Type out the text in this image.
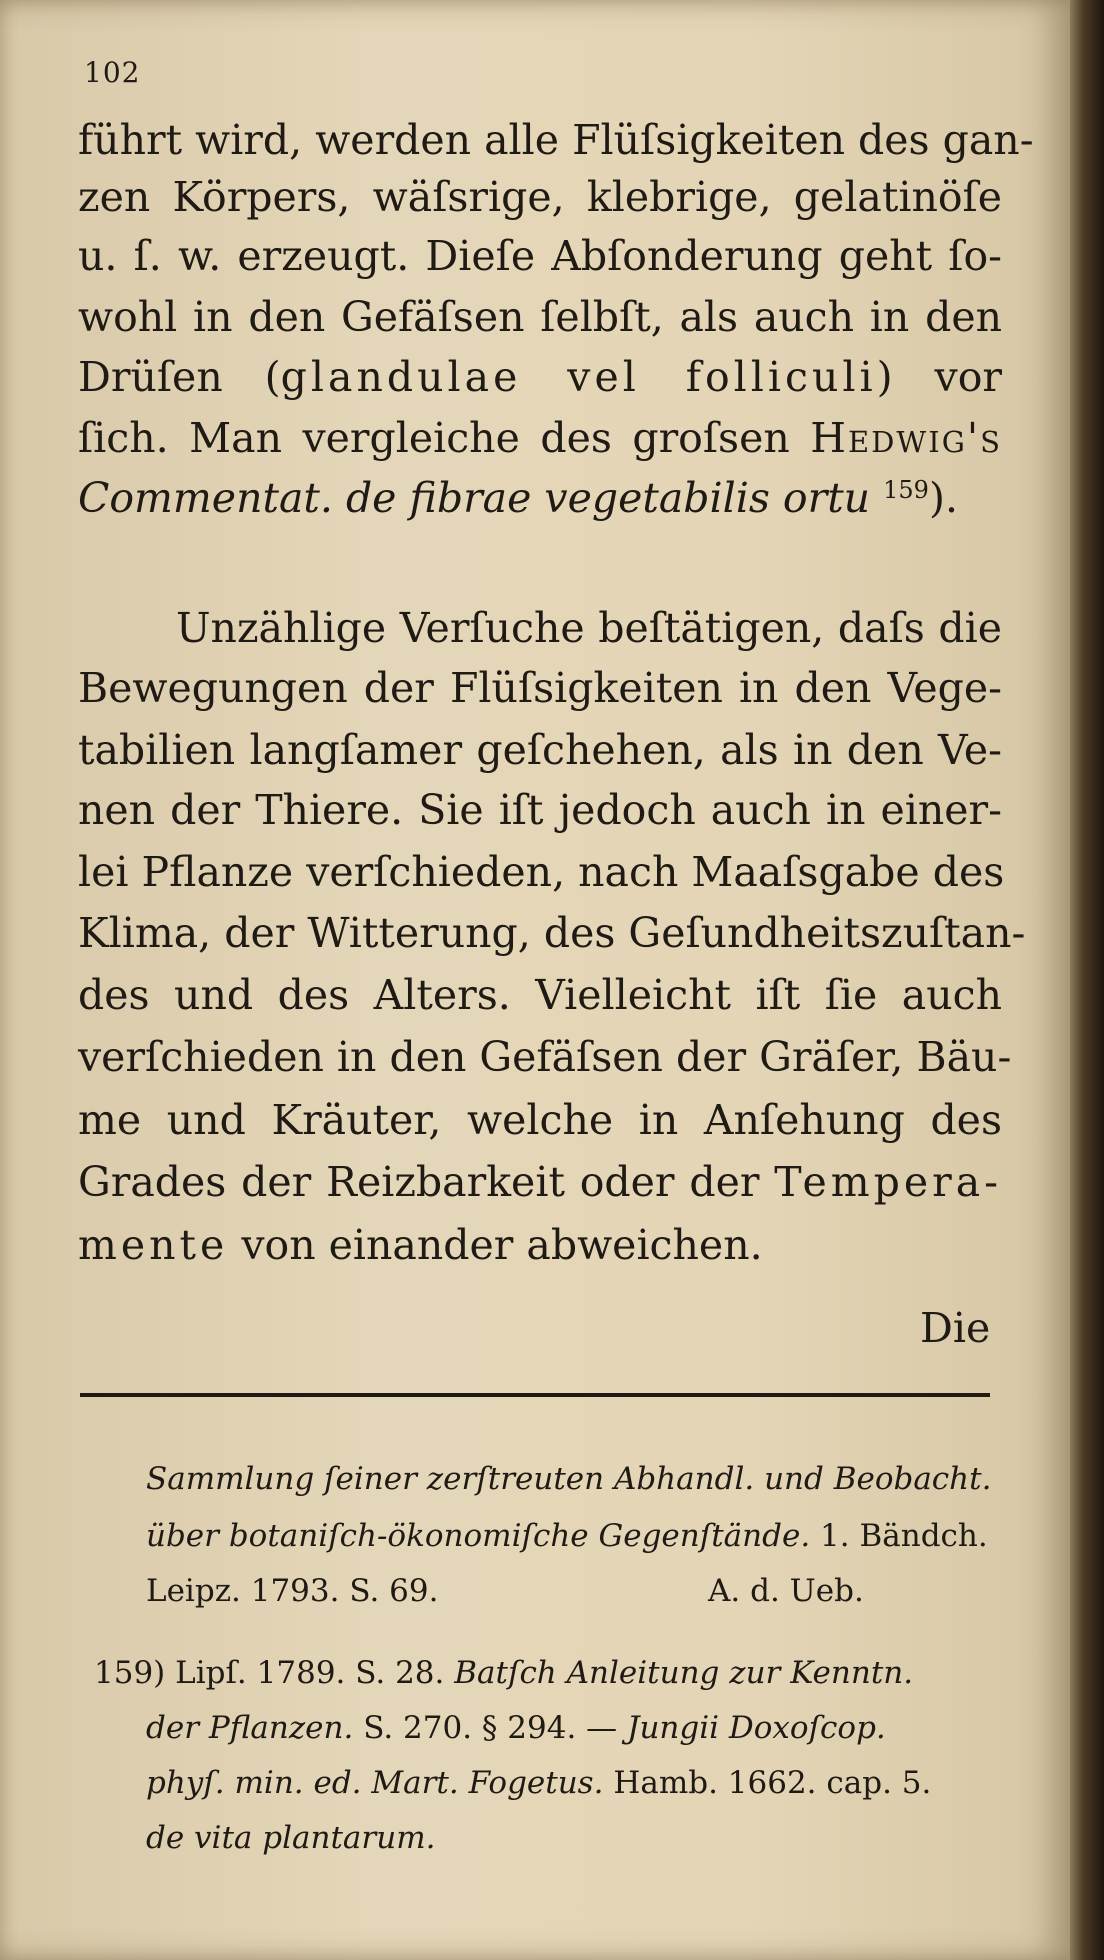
102
führt wird, werden alle Flüſsigkeiten des gan-
zen Körpers, wäſsrige, klebrige, gelatinöſe
u. ſ. w. erzeugt. Dieſe Abſonderung geht ſo-
wohl in den Gefäſsen ſelbſt, als auch in den
Drüſen (glandulae vel folliculi) vor
ſich. Man vergleiche des groſsen Hedwig's
Commentat. de fibrae vegetabilis ortu $^{159}$).
Unzählige Verſuche beſtätigen, daſs die
Bewegungen der Flüſsigkeiten in den Vege-
tabilien langſamer geſchehen, als in den Ve-
nen der Thiere. Sie iſt jedoch auch in einer-
lei Pflanze verſchieden, nach Maaſsgabe des
Klima, der Witterung, des Geſundheitszuſtan-
des und des Alters. Vielleicht iſt ſie auch
verſchieden in den Gefäſsen der Gräſer, Bäu-
me und Kräuter, welche in Anſehung des
Grades der Reizbarkeit oder der Tempera-
mente von einander abweichen.
Die
Sammlung ſeiner zerſtreuten Abhandl. und Beobacht.
über botaniſch-ökonomiſche Gegenſtände. 1. Bändch.
Leipz. 1793. S. 69.	A. d. Ueb.
159) Lipſ. 1789. S. 28. Batſch Anleitung zur Kenntn.
der Pflanzen. S. 270. § 294. — Jungii Doxoſcop.
phyſ. min. ed. Mart. Fogetus. Hamb. 1662. cap. 5.
de vita plantarum.
